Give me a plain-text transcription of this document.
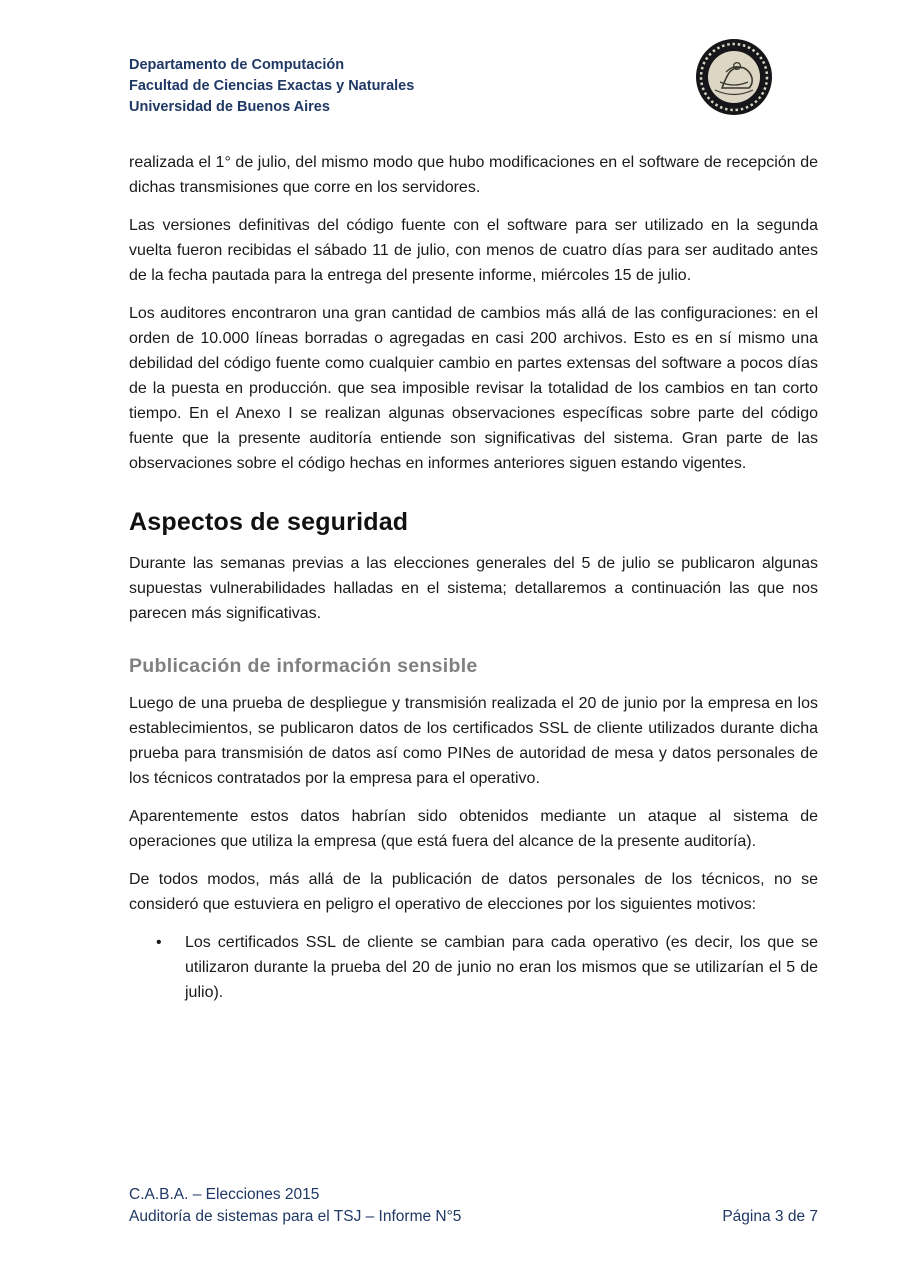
Departamento de Computación
Facultad de Ciencias Exactas y Naturales
Universidad de Buenos Aires

realizada el 1° de julio, del mismo modo que hubo modificaciones en el software de recepción de dichas transmisiones que corre en los servidores.

Las versiones definitivas del código fuente con el software para ser utilizado en la segunda vuelta fueron recibidas el sábado 11 de julio, con menos de cuatro días para ser auditado antes de la fecha pautada para la entrega del presente informe, miércoles 15 de julio.

Los auditores encontraron una gran cantidad de cambios más allá de las configuraciones: en el orden de 10.000 líneas borradas o agregadas en casi 200 archivos. Esto es en sí mismo una debilidad del código fuente como cualquier cambio en partes extensas del software a pocos días de la puesta en producción. que sea imposible revisar la totalidad de los cambios en tan corto tiempo. En el Anexo I se realizan algunas observaciones específicas sobre parte del código fuente que la presente auditoría entiende son significativas del sistema. Gran parte de las observaciones sobre el código hechas en informes anteriores siguen estando vigentes.

Aspectos de seguridad

Durante las semanas previas a las elecciones generales del 5 de julio se publicaron algunas supuestas vulnerabilidades halladas en el sistema; detallaremos a continuación las que nos parecen más significativas.

Publicación de información sensible

Luego de una prueba de despliegue y transmisión realizada el 20 de junio por la empresa en los establecimientos, se publicaron datos de los certificados SSL de cliente utilizados durante dicha prueba para transmisión de datos así como PINes de autoridad de mesa y datos personales de los técnicos contratados por la empresa para el operativo.

Aparentemente estos datos habrían sido obtenidos mediante un ataque al sistema de operaciones que utiliza la empresa (que está fuera del alcance de la presente auditoría).

De todos modos, más allá de la publicación de datos personales de los técnicos, no se consideró que estuviera en peligro el operativo de elecciones por los siguientes motivos:

• Los certificados SSL de cliente se cambian para cada operativo (es decir, los que se utilizaron durante la prueba del 20 de junio no eran los mismos que se utilizarían el 5 de julio).
C.A.B.A. – Elecciones 2015
Auditoría de sistemas para el TSJ – Informe N°5	Página 3 de 7
